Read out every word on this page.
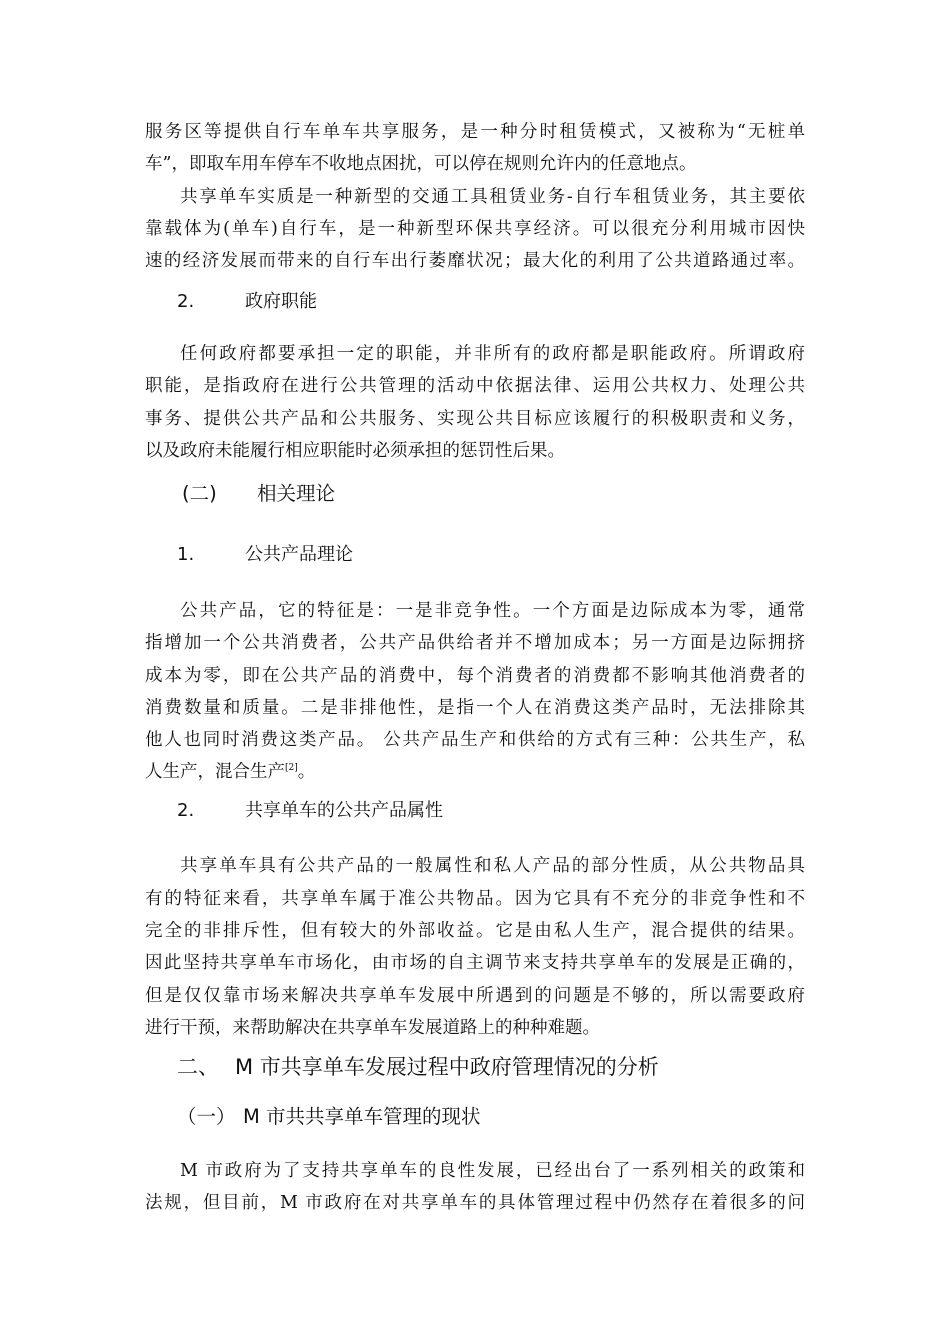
服务区等提供自行车单车共享服务，是一种分时租赁模式，又被称为“无桩单
车”，即取车用车停车不收地点困扰，可以停在规则允许内的任意地点。
共享单车实质是一种新型的交通工具租赁业务-自行车租赁业务，其主要依
靠载体为(单车)自行车，是一种新型环保共享经济。可以很充分利用城市因快
速的经济发展而带来的自行车出行萎靡状况；最大化的利用了公共道路通过率。
2.	政府职能
任何政府都要承担一定的职能，并非所有的政府都是职能政府。所谓政府
职能，是指政府在进行公共管理的活动中依据法律、运用公共权力、处理公共
事务、提供公共产品和公共服务、实现公共目标应该履行的积极职责和义务，
以及政府未能履行相应职能时必须承担的惩罚性后果。
(二) 相关理论
1.	公共产品理论
公共产品，它的特征是：一是非竞争性。一个方面是边际成本为零，通常
指增加一个公共消费者，公共产品供给者并不增加成本；另一方面是边际拥挤
成本为零，即在公共产品的消费中，每个消费者的消费都不影响其他消费者的
消费数量和质量。二是非排他性，是指一个人在消费这类产品时，无法排除其
他人也同时消费这类产品。 公共产品生产和供给的方式有三种：公共生产，私
人生产，混合生产[2]。
2.	共享单车的公共产品属性
共享单车具有公共产品的一般属性和私人产品的部分性质，从公共物品具
有的特征来看，共享单车属于准公共物品。因为它具有不充分的非竞争性和不
完全的非排斥性，但有较大的外部收益。它是由私人生产，混合提供的结果。
因此坚持共享单车市场化，由市场的自主调节来支持共享单车的发展是正确的，
但是仅仅靠市场来解决共享单车发展中所遇到的问题是不够的，所以需要政府
进行干预，来帮助解决在共享单车发展道路上的种种难题。
二、 M 市共享单车发展过程中政府管理情况的分析
（一） M 市共共享单车管理的现状
M 市政府为了支持共享单车的良性发展，已经出台了一系列相关的政策和
法规，但目前，M 市政府在对共享单车的具体管理过程中仍然存在着很多的问
